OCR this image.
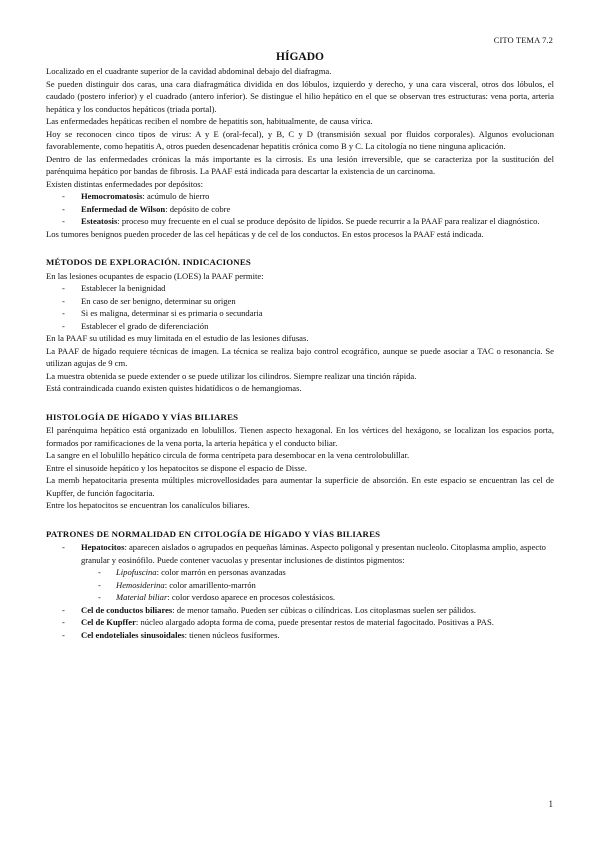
CITO TEMA 7.2
HÍGADO

Localizado en el cuadrante superior de la cavidad abdominal debajo del diafragma.

Se pueden distinguir dos caras, una cara diafragmática dividida en dos lóbulos, izquierdo y derecho, y una cara visceral, otros dos lóbulos, el caudado (postero inferior) y el cuadrado (antero inferior). Se distingue el hilio hepático en el que se observan tres estructuras: vena porta, arteria hepática y los conductos hepáticos (triada portal).

Las enfermedades hepáticas reciben el nombre de hepatitis son, habitualmente, de causa vírica.

Hoy se reconocen cinco tipos de virus: A y E (oral-fecal), y B, C y D (transmisión sexual por fluidos corporales). Algunos evolucionan favorablemente, como hepatitis A, otros pueden desencadenar hepatitis crónica como B y C. La citología no tiene ninguna aplicación.

Dentro de las enfermedades crónicas la más importante es la cirrosis. Es una lesión irreversible, que se caracteriza por la sustitución del parénquima hepático por bandas de fibrosis. La PAAF está indicada para descartar la existencia de un carcinoma.

Existen distintas enfermedades por depósitos:

- Hemocromatosis: acúmulo de hierro
- Enfermedad de Wilson: depósito de cobre
- Esteatosis: proceso muy frecuente en el cual se produce depósito de lípidos. Se puede recurrir a la PAAF para realizar el diagnóstico.

Los tumores benignos pueden proceder de las cel hepáticas y de cel de los conductos. En estos procesos la PAAF está indicada.

MÉTODOS DE EXPLORACIÓN. INDICACIONES

En las lesiones ocupantes de espacio (LOES) la PAAF permite:

- Establecer la benignidad
- En caso de ser benigno, determinar su origen
- Si es maligna, determinar si es primaria o secundaria
- Establecer el grado de diferenciación

En la PAAF su utilidad es muy limitada en el estudio de las lesiones difusas.

La PAAF de hígado requiere técnicas de imagen. La técnica se realiza bajo control ecográfico, aunque se puede asociar a TAC o resonancia. Se utilizan agujas de 9 cm.

La muestra obtenida se puede extender o se puede utilizar los cilindros. Siempre realizar una tinción rápida.

Está contraindicada cuando existen quistes hidatídicos o de hemangiomas.

HISTOLOGÍA DE HÍGADO Y VÍAS BILIARES

El parénquima hepático está organizado en lobulillos. Tienen aspecto hexagonal. En los vértices del hexágono, se localizan los espacios porta, formados por ramificaciones de la vena porta, la arteria hepática y el conducto biliar.

La sangre en el lobulillo hepático circula de forma centrípeta para desembocar en la vena centrolobulillar.

Entre el sinusoide hepático y los hepatocitos se dispone el espacio de Disse.

La memb hepatocitaria presenta múltiples microvellosidades para aumentar la superficie de absorción. En este espacio se encuentran las cel de Kupffer, de función fagocitaria.

Entre los hepatocitos se encuentran los canalículos biliares.

PATRONES DE NORMALIDAD EN CITOLOGÍA DE HÍGADO Y VÍAS BILIARES
- Hepatocitos: aparecen aislados o agrupados en pequeñas láminas. Aspecto poligonal y presentan nucleolo. Citoplasma amplio, aspecto granular y eosinófilo. Puede contener vacuolas y presentar inclusiones de distintos pigmentos:
- Lipofuscina: color marrón en personas avanzadas
- Hemosiderina: color amarillento-marrón
- Material biliar: color verdoso aparece en procesos colestásicos.
- Cel de conductos biliares: de menor tamaño. Pueden ser cúbicas o cilíndricas. Los citoplasmas suelen ser pálidos.
- Cel de Kupffer: núcleo alargado adopta forma de coma, puede presentar restos de material fagocitado. Positivas a PAS.
- Cel endoteliales sinusoidales: tienen núcleos fusiformes.
1
